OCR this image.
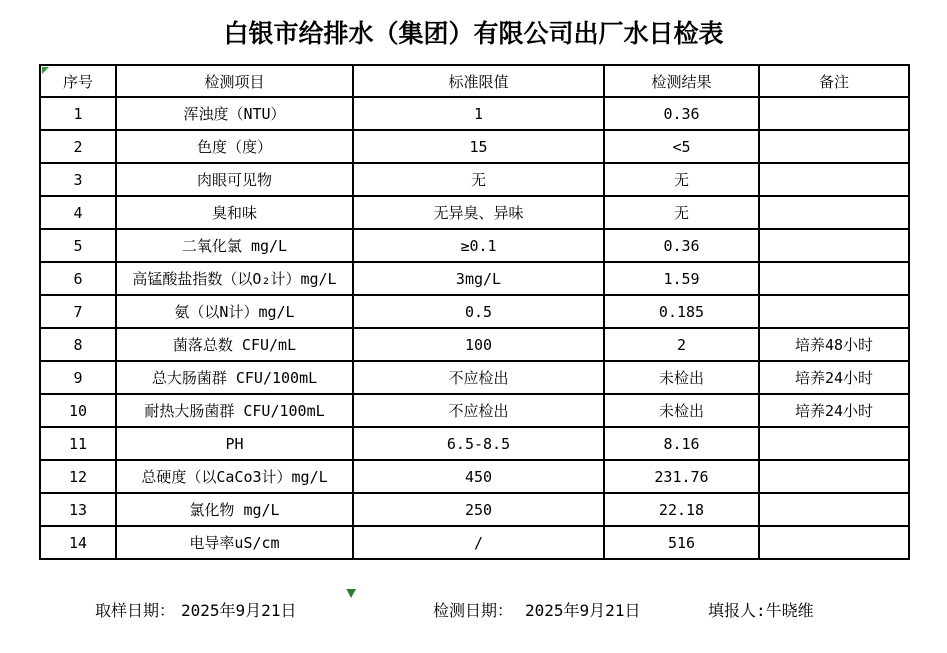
白银市给排水（集团）有限公司出厂水日检表
序号	检测项目	标准限值	检测结果	备注
1	浑浊度（NTU）	1	0.36	
2	色度（度）	15	<5	
3	肉眼可见物	无	无	
4	臭和味	无异臭、异味	无	
5	二氧化氯 mg/L	≥0.1	0.36	
6	高锰酸盐指数（以O₂计）mg/L	3mg/L	1.59	
7	氨（以N计）mg/L	0.5	0.185	
8	菌落总数 CFU/mL	100	2	培养48小时
9	总大肠菌群 CFU/100mL	不应检出	未检出	培养24小时
10	耐热大肠菌群 CFU/100mL	不应检出	未检出	培养24小时
11	PH	6.5-8.5	8.16	
12	总硬度（以CaCo3计）mg/L	450	231.76	
13	氯化物 mg/L	250	22.18	
14	电导率uS/cm	/	516	
取样日期： 2025年9月21日	检测日期： 2025年9月21日	填报人:牛晓维
